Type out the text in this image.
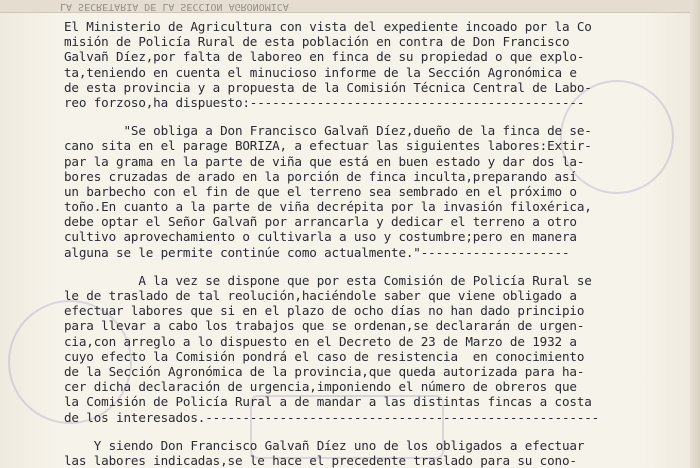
LA SECRETARÍA DE LA SECCIÓN AGRONÓMICA
El Ministerio de Agricultura con vista del expediente incoado por la Co
misión de Policía Rural de esta población en contra de Don Francisco
Galvañ Díez,por falta de laboreo en finca de su propiedad o que explo-
ta,teniendo en cuenta el minucioso informe de la Sección Agronómica e
de esta provincia y a propuesta de la Comisión Técnica Central de Labo-
reo forzoso,ha dispuesto:---------------------------------------------
"Se obliga a Don Francisco Galvañ Díez,dueño de la finca de se-
cano sita en el parage BORIZA, a efectuar las siguientes labores:Extir-
par la grama en la parte de viña que está en buen estado y dar dos la-
bores cruzadas de arado en la porción de finca inculta,preparando así
un barbecho con el fin de que el terreno sea sembrado en el próximo o
toño.En cuanto a la parte de viña decrépita por la invasión filoxérica,
debe optar el Señor Galvañ por arrancarla y dedicar el terreno a otro
cultivo aprovechamiento o cultivarla a uso y costumbre;pero en manera
alguna se le permite continúe como actualmente."--------------------
A la vez se dispone que por esta Comisión de Policía Rural se
le de traslado de tal reolución,haciéndole saber que viene obligado a
efectuar labores que si en el plazo de ocho días no han dado principio
para llevar a cabo los trabajos que se ordenan,se declararán de urgen-
cia,con arreglo a lo dispuesto en el Decreto de 23 de Marzo de 1932 a
cuyo efecto la Comisión pondrá el caso de resistencia  en conocimiento
de la Sección Agronómica de la provincia,que queda autorizada para ha-
cer dicha declaración de urgencia,imponiendo el número de obreros que
la Comisión de Policía Rural a de mandar a las distintas fincas a costa
de los interesados.-----------------------------------------------------
Y siendo Don Francisco Galvañ Díez uno de los obligados a efectuar
las labores indicadas,se le hace el precedente traslado para su cono-
